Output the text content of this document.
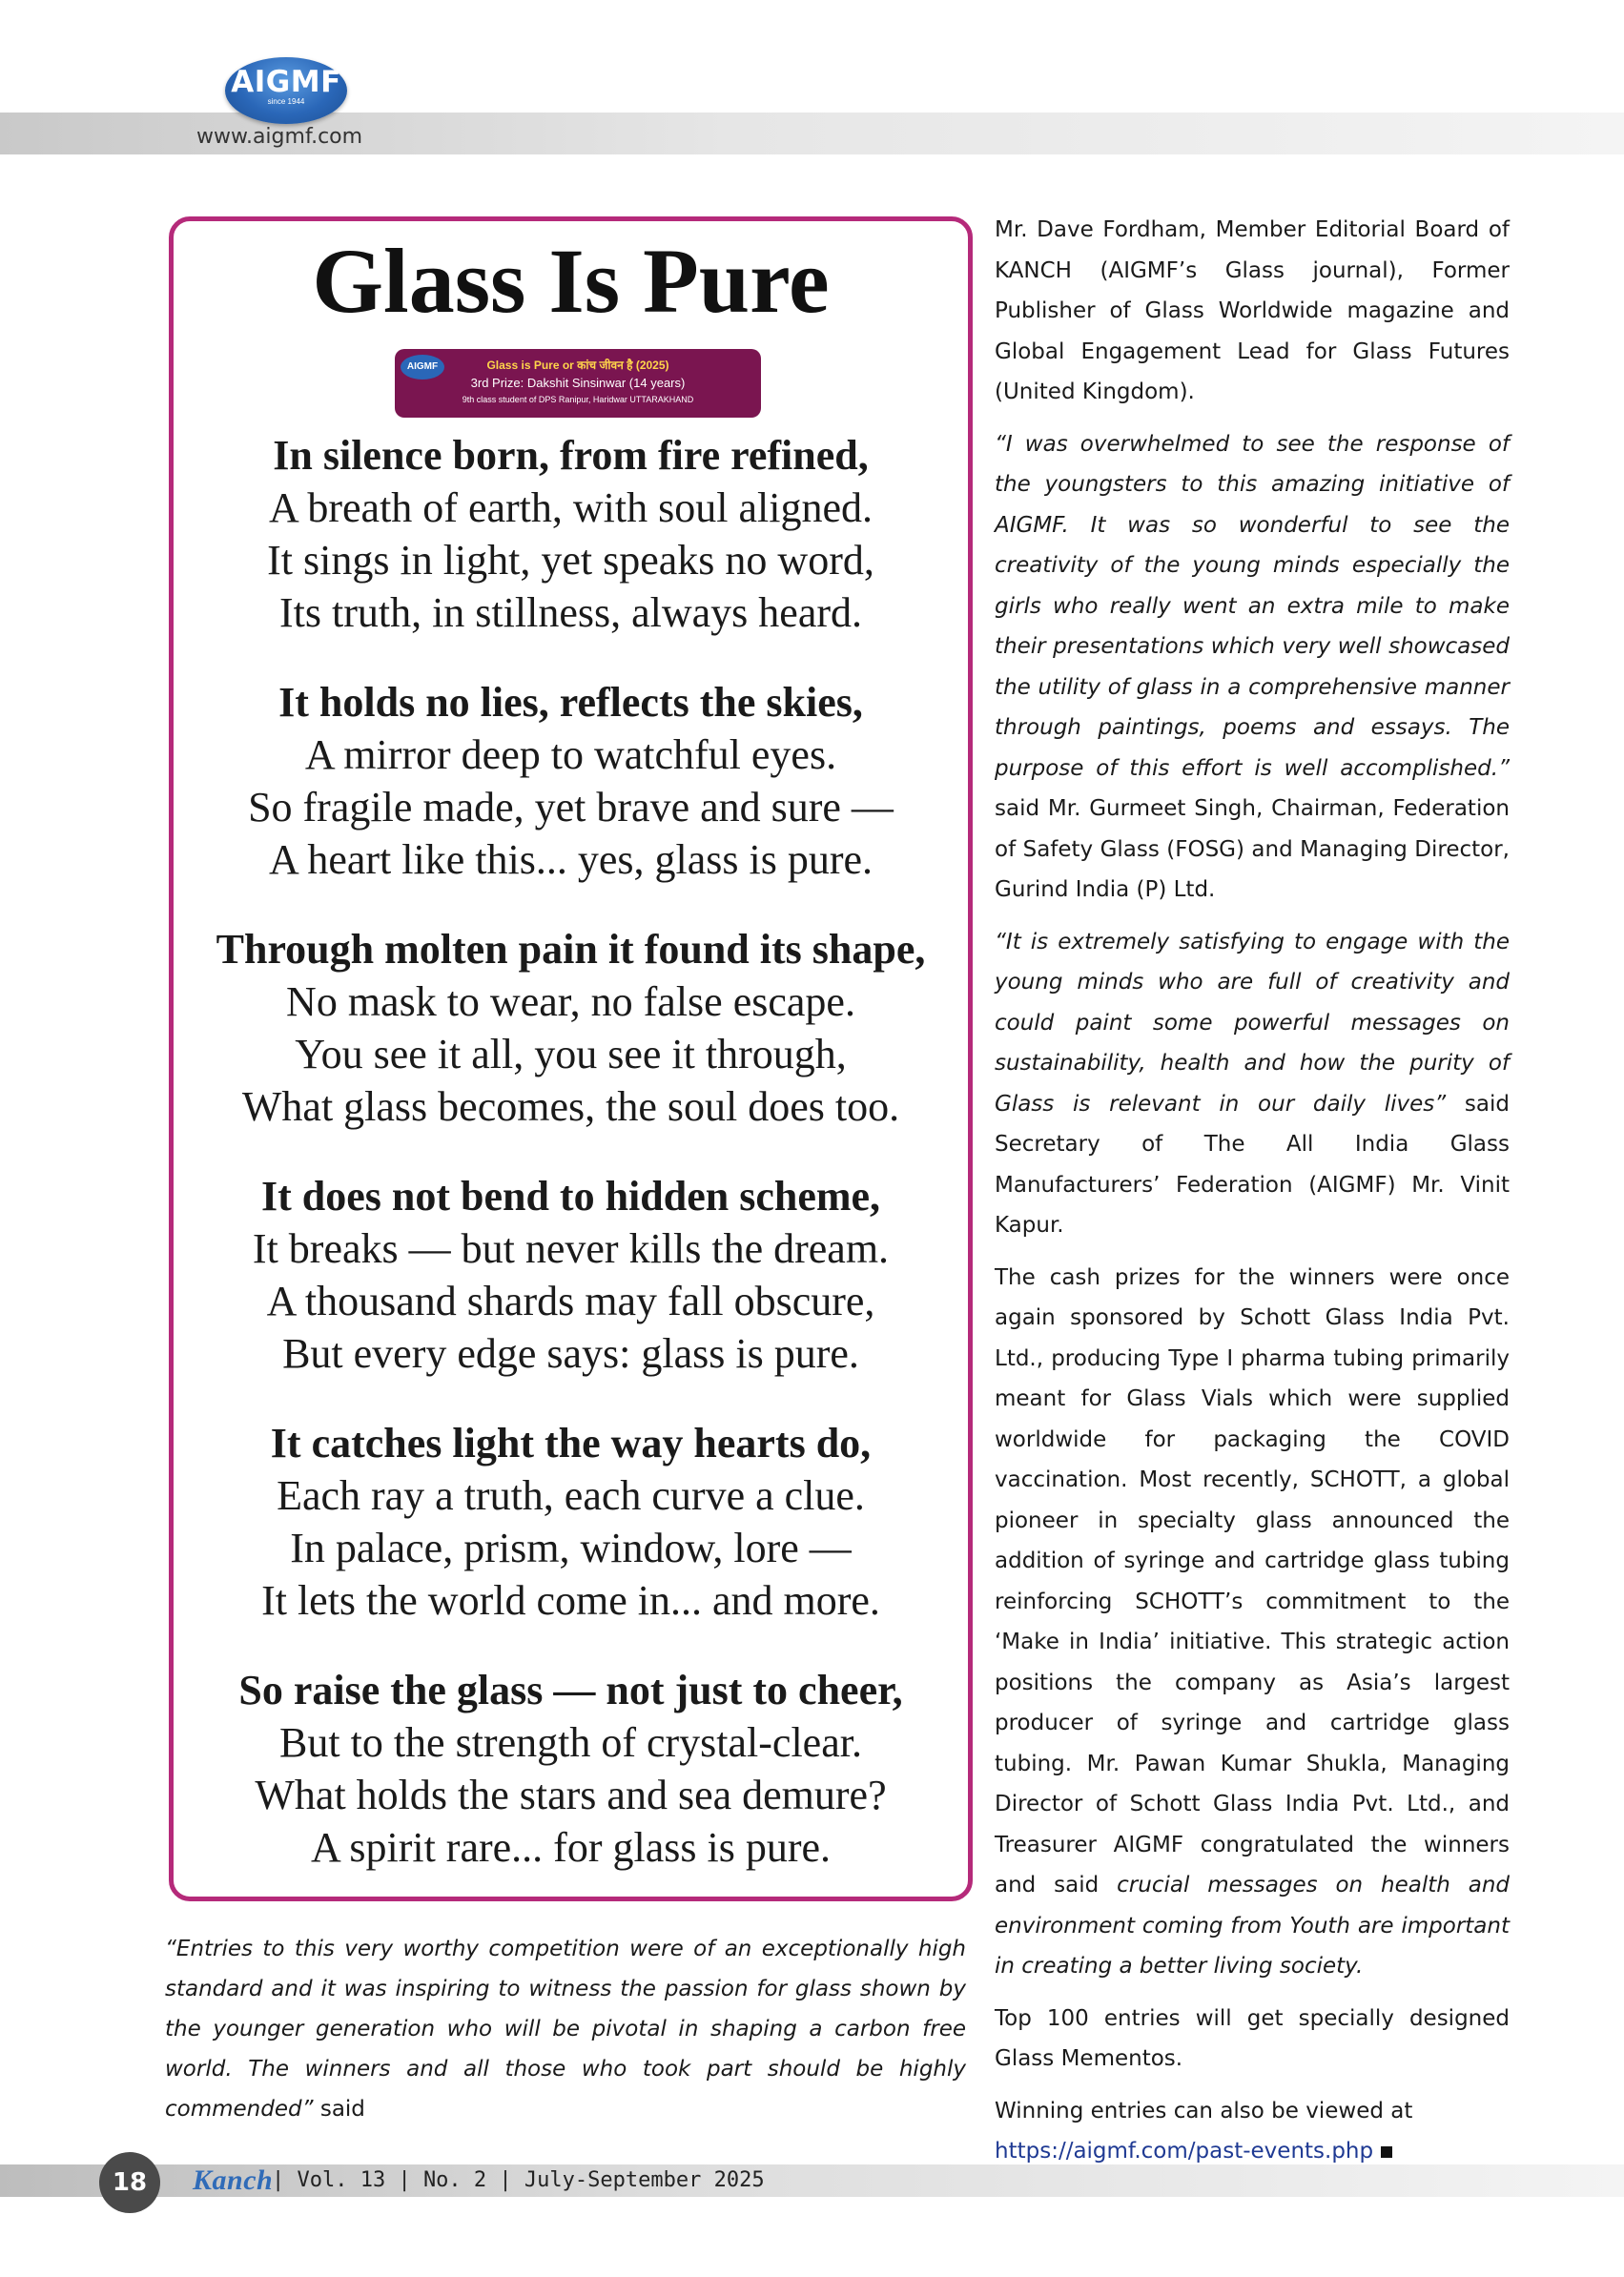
AIGMF
since 1944
www.aigmf.com
Glass Is Pure
AIGMF	Glass is Pure or कांच जीवन है (2025)
3rd Prize: Dakshit Sinsinwar (14 years)
9th class student of DPS Ranipur, Haridwar UTTARAKHAND
In silence born, from fire refined,
A breath of earth, with soul aligned.
It sings in light, yet speaks no word,
Its truth, in stillness, always heard.
It holds no lies, reflects the skies,
A mirror deep to watchful eyes.
So fragile made, yet brave and sure —
A heart like this... yes, glass is pure.
Through molten pain it found its shape,
No mask to wear, no false escape.
You see it all, you see it through,
What glass becomes, the soul does too.
It does not bend to hidden scheme,
It breaks — but never kills the dream.
A thousand shards may fall obscure,
But every edge says: glass is pure.
It catches light the way hearts do,
Each ray a truth, each curve a clue.
In palace, prism, window, lore —
It lets the world come in... and more.
So raise the glass — not just to cheer,
But to the strength of crystal-clear.
What holds the stars and sea demure?
A spirit rare... for glass is pure.
“Entries to this very worthy competition were of an exceptionally high standard and it was inspiring to witness the passion for glass shown by the younger generation who will be pivotal in shaping a carbon free world. The winners and all those who took part should be highly commended” said

Mr. Dave Fordham, Member Editorial Board of KANCH (AIGMF’s Glass journal), Former Publisher of Glass Worldwide magazine and Global Engagement Lead for Glass Futures (United Kingdom).

“I was overwhelmed to see the response of the youngsters to this amazing initiative of AIGMF. It was so wonderful to see the creativity of the young minds especially the girls who really went an extra mile to make their presentations which very well showcased the utility of glass in a comprehensive manner through paintings, poems and essays. The purpose of this effort is well accomplished.” said Mr. Gurmeet Singh, Chairman, Federation of Safety Glass (FOSG) and Managing Director, Gurind India (P) Ltd.

“It is extremely satisfying to engage with the young minds who are full of creativity and could paint some powerful messages on sustainability, health and how the purity of Glass is relevant in our daily lives” said Secretary of The All India Glass Manufacturers’ Federation (AIGMF) Mr. Vinit Kapur.

The cash prizes for the winners were once again sponsored by Schott Glass India Pvt. Ltd., producing Type I pharma tubing primarily meant for Glass Vials which were supplied worldwide for packaging the COVID vaccination. Most recently, SCHOTT, a global pioneer in specialty glass announced the addition of syringe and cartridge glass tubing reinforcing SCHOTT’s commitment to the ‘Make in India’ initiative. This strategic action positions the company as Asia’s largest producer of syringe and cartridge glass tubing. Mr. Pawan Kumar Shukla, Managing Director of Schott Glass India Pvt. Ltd., and Treasurer AIGMF congratulated the winners and said crucial messages on health and environment coming from Youth are important in creating a better living society.

Top 100 entries will get specially designed Glass Mementos.

Winning entries can also be viewed at https://aigmf.com/past-events.php

18	Kanch
| Vol. 13 | No. 2 | July-September 2025
